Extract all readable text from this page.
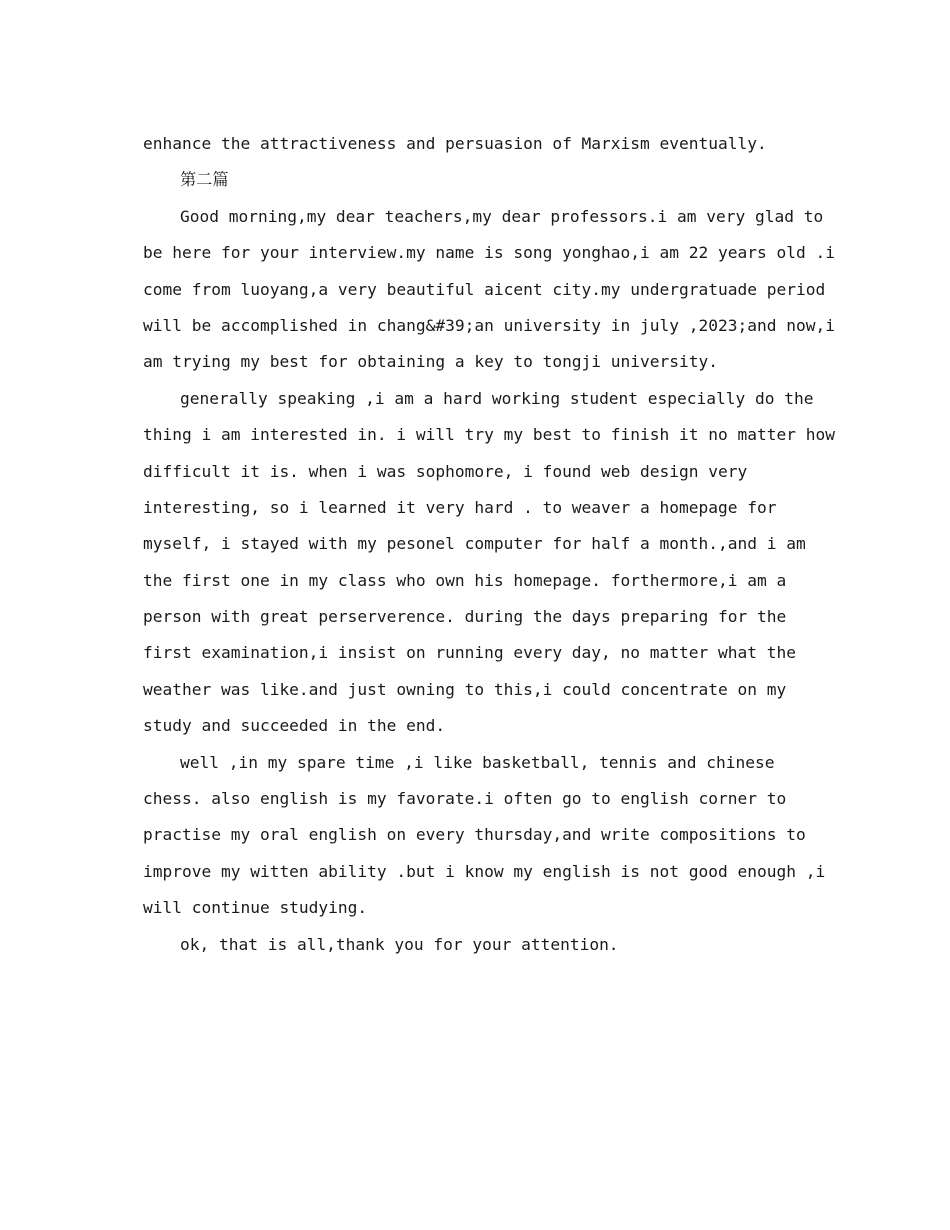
enhance the attractiveness and persuasion of Marxism eventually.
第二篇
Good morning,my dear teachers,my dear professors.i am very glad to
be here for your interview.my name is song yonghao,i am 22 years old .i
come from luoyang,a very beautiful aicent city.my undergratuade period
will be accomplished in chang&#39;an university in july ,2023;and now,i
am trying my best for obtaining a key to tongji university.
generally speaking ,i am a hard working student especially do the
thing i am interested in. i will try my best to finish it no matter how
difficult it is. when i was sophomore, i found web design very
interesting, so i learned it very hard . to weaver a homepage for
myself, i stayed with my pesonel computer for half a month.,and i am
the first one in my class who own his homepage. forthermore,i am a
person with great perserverence. during the days preparing for the
first examination,i insist on running every day, no matter what the
weather was like.and just owning to this,i could concentrate on my
study and succeeded in the end.
well ,in my spare time ,i like basketball, tennis and chinese
chess. also english is my favorate.i often go to english corner to
practise my oral english on every thursday,and write compositions to
improve my witten ability .but i know my english is not good enough ,i
will continue studying.
ok, that is all,thank you for your attention.
